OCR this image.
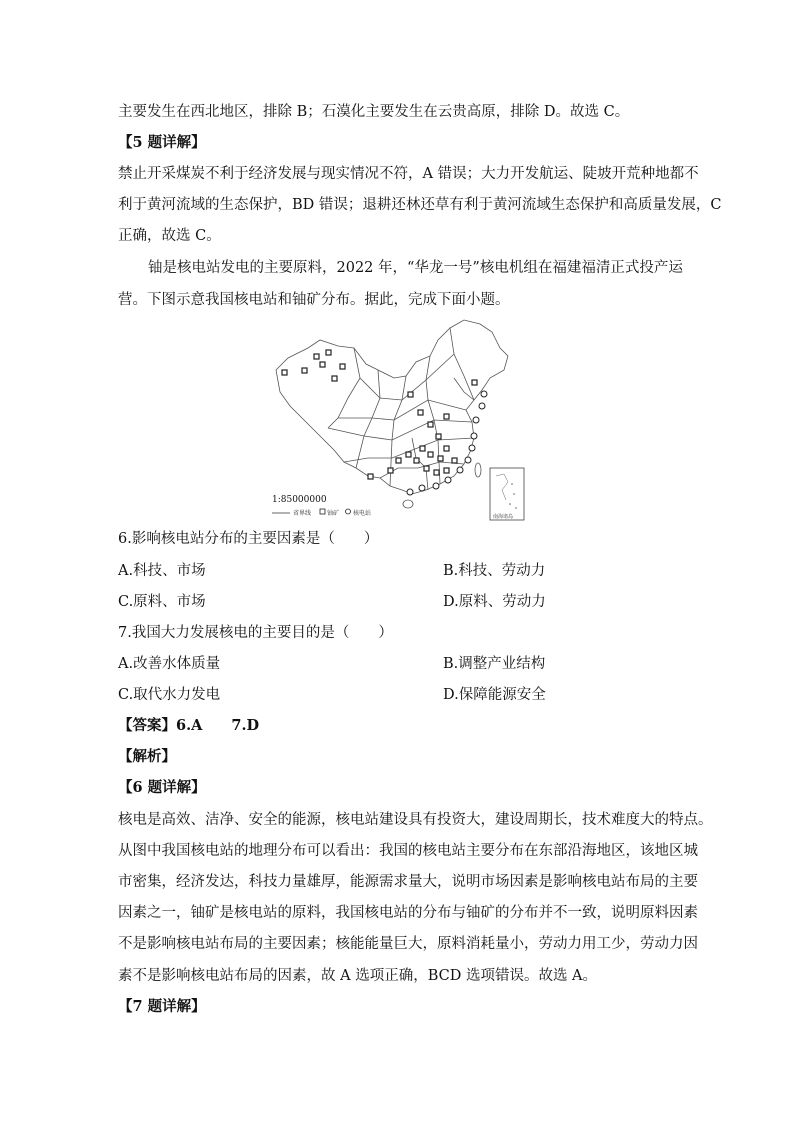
主要发生在西北地区，排除 B；石漠化主要发生在云贵高原，排除 D。故选 C。
【5 题详解】
禁止开采煤炭不利于经济发展与现实情况不符，A 错误；大力开发航运、陡坡开荒种地都不
利于黄河流域的生态保护，BD 错误；退耕还林还草有利于黄河流域生态保护和高质量发展，C
正确，故选 C。
铀是核电站发电的主要原料，2022 年，“华龙一号”核电机组在福建福清正式投产运
营。下图示意我国核电站和铀矿分布。据此，完成下面小题。
1:85000000
省界线	铀矿 核电站	南海诸岛
6.影响核电站分布的主要因素是（　　）
A.科技、市场	B.科技、劳动力
C.原料、市场	D.原料、劳动力
7.我国大力发展核电的主要目的是（　　）
A.改善水体质量	B.调整产业结构
C.取代水力发电	D.保障能源安全
【答案】6.A　　7.D
【解析】
【6 题详解】
核电是高效、洁净、安全的能源，核电站建设具有投资大，建设周期长，技术难度大的特点。
从图中我国核电站的地理分布可以看出：我国的核电站主要分布在东部沿海地区，该地区城
市密集，经济发达，科技力量雄厚，能源需求量大，说明市场因素是影响核电站布局的主要
因素之一，铀矿是核电站的原料，我国核电站的分布与铀矿的分布并不一致，说明原料因素
不是影响核电站布局的主要因素；核能能量巨大，原料消耗量小，劳动力用工少，劳动力因
素不是影响核电站布局的因素，故 A 选项正确，BCD 选项错误。故选 A。
【7 题详解】
